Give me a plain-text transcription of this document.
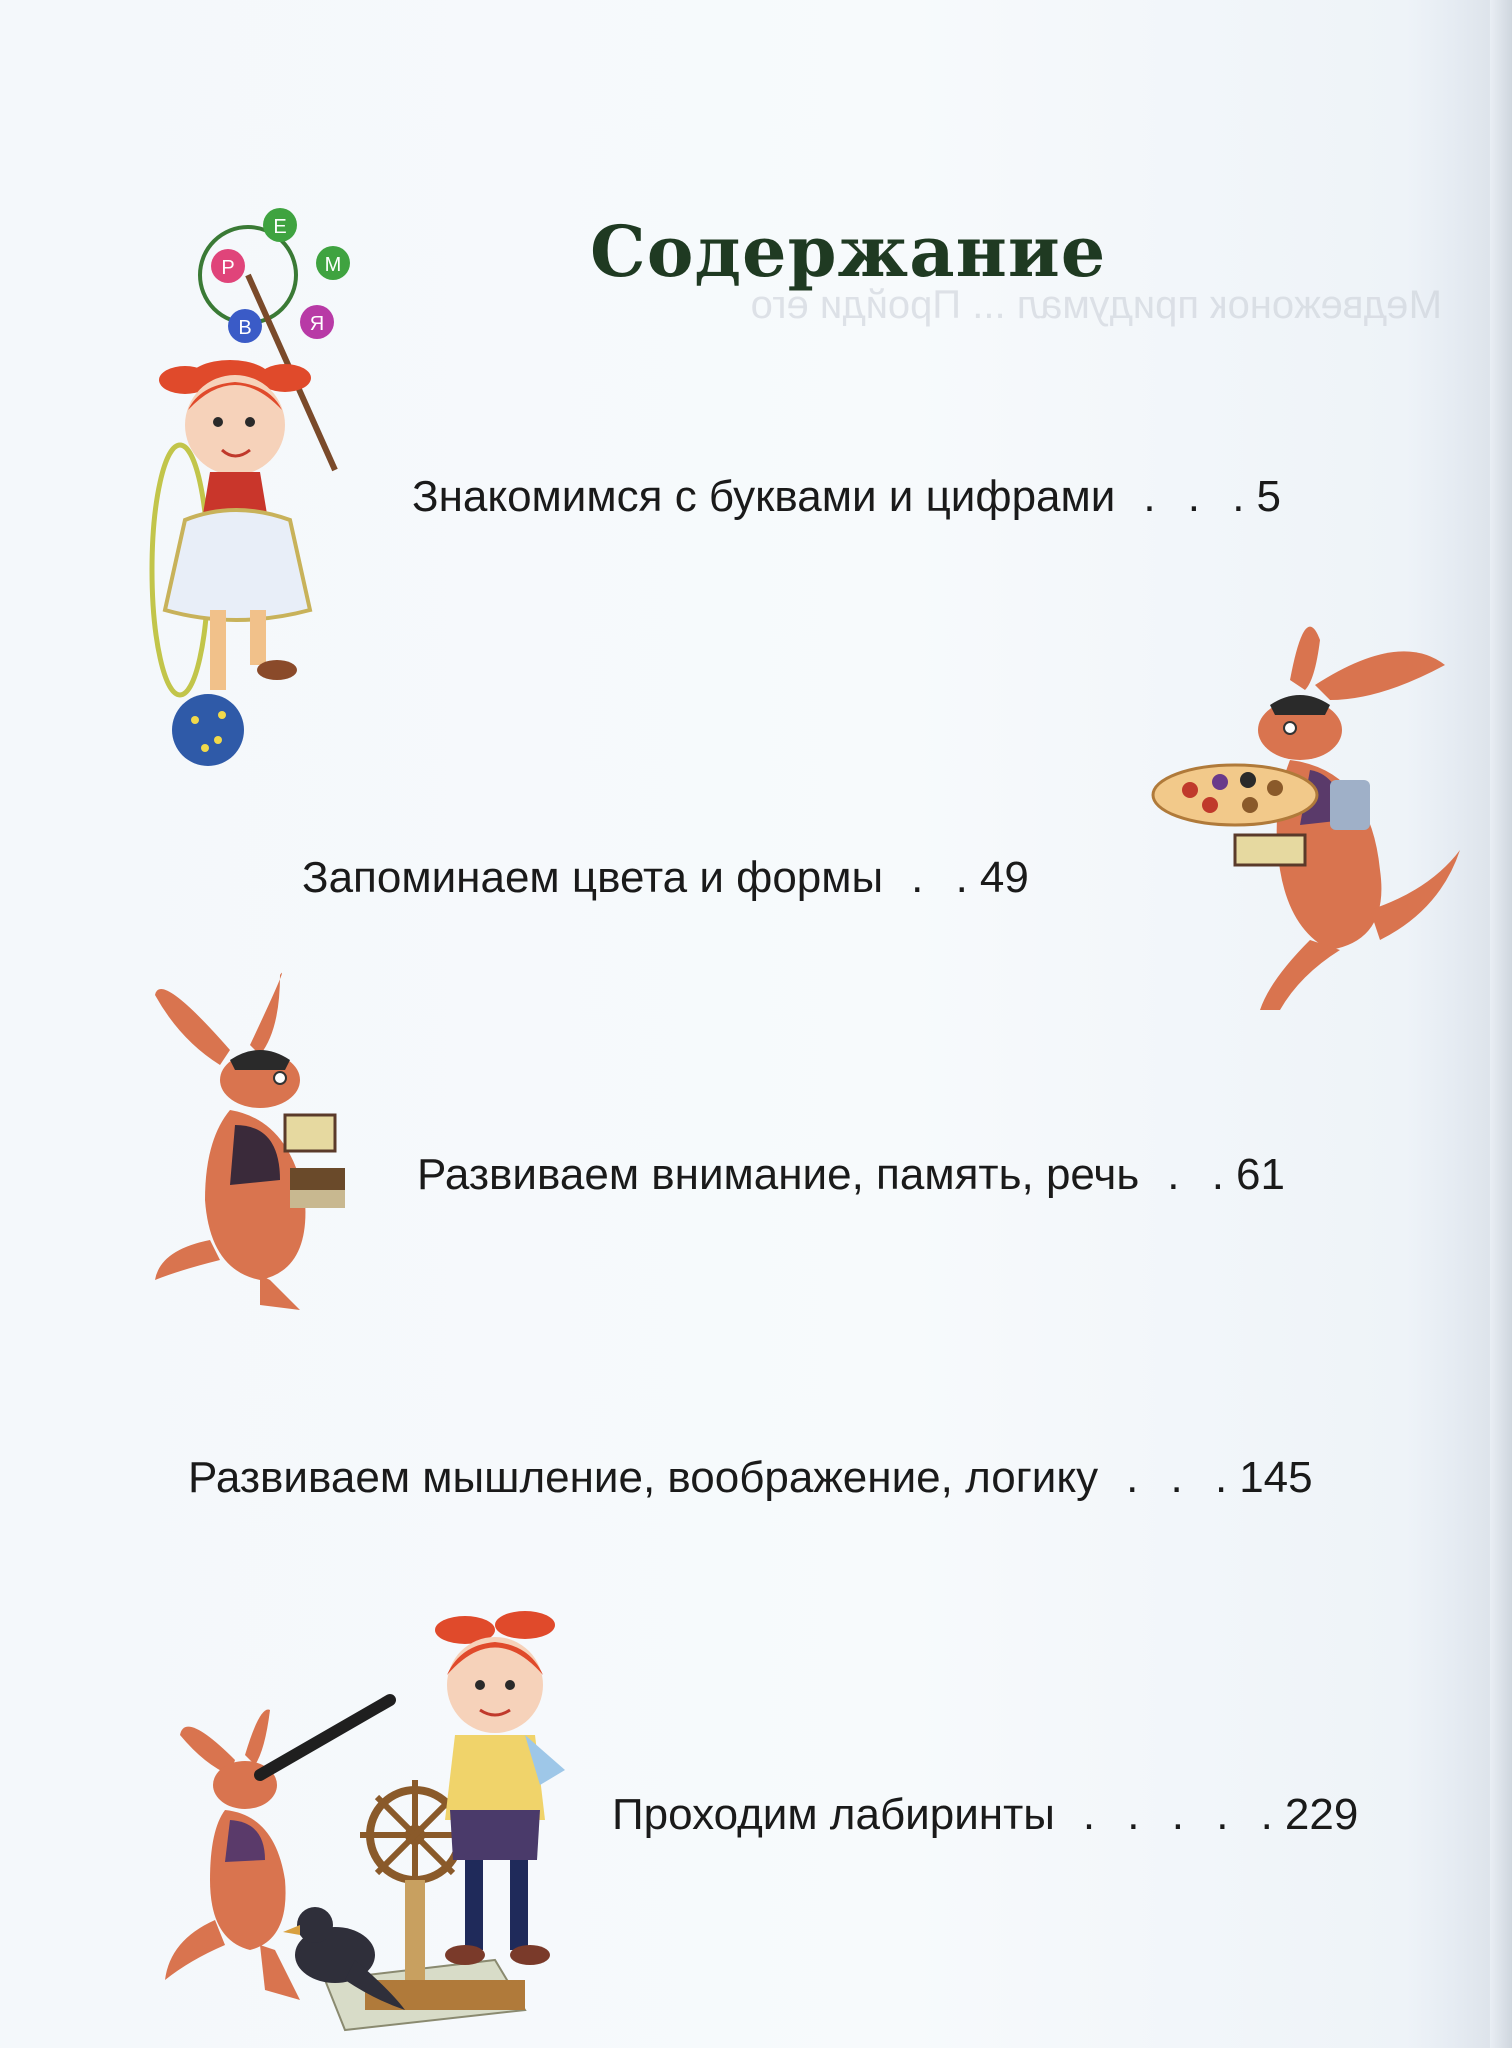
Медвежонок придумал ... Пройди его
Содержание
Е
Р	М
В	Я
Знакомимся с буквами и цифрами . . . 5
Запоминаем цвета и формы . . 49
Развиваем внимание, память, речь . . 61
Развиваем мышление, воображение, логику . . . 145
Проходим лабиринты . . . . . 229
